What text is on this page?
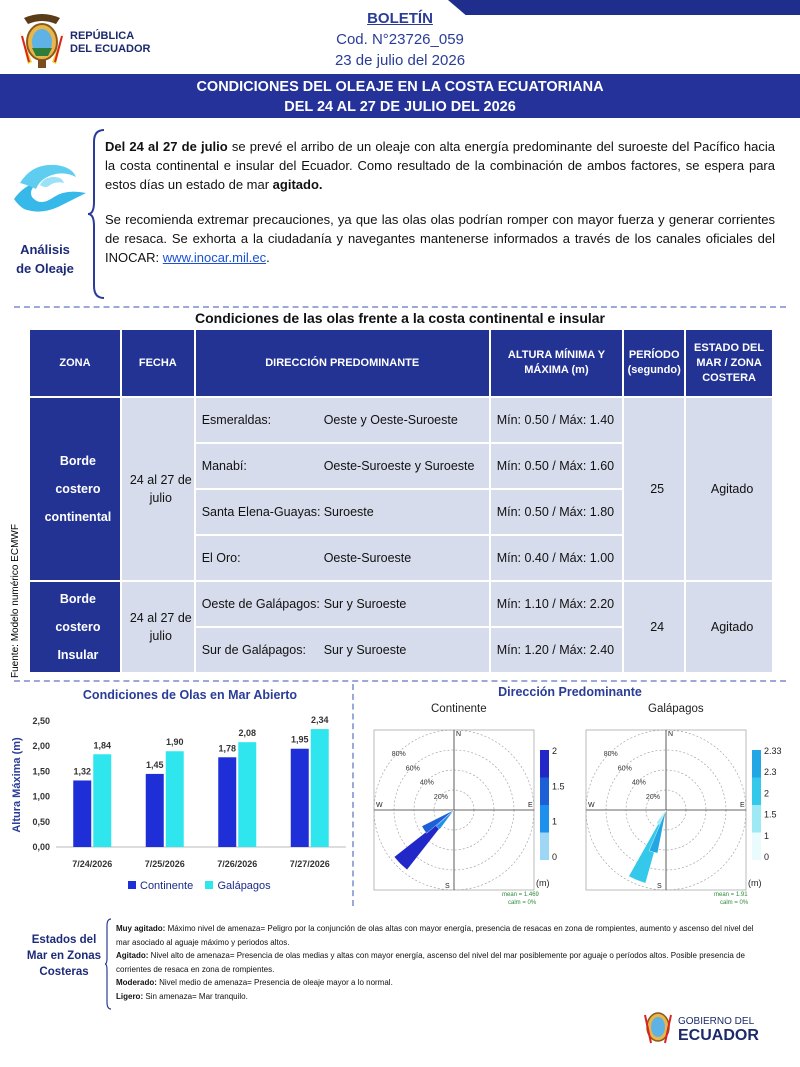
REPÚBLICA
DEL ECUADOR
BOLETÍN
Cod. N°23726_059
23 de julio del 2026
CONDICIONES DEL OLEAJE EN LA COSTA ECUATORIANA
DEL 24 AL 27 DE JULIO DEL 2026
Análisis
de Oleaje
Del 24 al 27 de julio se prevé el arribo de un oleaje con alta energía predominante del suroeste del Pacífico hacia la costa continental e insular del Ecuador. Como resultado de la combinación de ambos factores, se espera para estos días un estado de mar agitado.
Se recomienda extremar precauciones, ya que las olas olas podrían romper con mayor fuerza y generar corrientes de resaca. Se exhorta a la ciudadanía y navegantes mantenerse informados a través de los canales oficiales del INOCAR: www.inocar.mil.ec.
Condiciones de las olas frente a la costa continental e insular
ZONA	FECHA	DIRECCIÓN PREDOMINANTE	ALTURA MÍNIMA Y MÁXIMA (m)	PERÍODO (segundo)	ESTADO DEL MAR / ZONA COSTERA
Borde costero continental	24 al 27 de julio	Esmeraldas: Oeste y Oeste-Suroeste	Mín: 0.50 / Máx: 1.40	25	Agitado
		Manabí: Oeste-Suroeste y Suroeste	Mín: 0.50 / Máx: 1.60		
		Santa Elena-Guayas: Suroeste	Mín: 0.50 / Máx: 1.80		
		El Oro: Oeste-Suroeste	Mín: 0.40 / Máx: 1.00		
Borde costero Insular	24 al 27 de julio	Oeste de Galápagos: Sur y Suroeste	Mín: 1.10 / Máx: 2.20	24	Agitado
		Sur de Galápagos: Sur y Suroeste	Mín: 1.20 / Máx: 2.40		
Fuente: Modelo numérico ECMWF
Condiciones de Olas en Mar Abierto
Altura Máxima (m)
0,00
0,50
1,00
1,50
2,00
2,50
1,32
1,84
7/24/2026
1,45
1,90
7/25/2026
1,78
2,08
7/26/2026
1,95
2,34
7/27/2026
Continente Galápagos
Dirección Predominante
Continente
20%
40%
60%
80%
N
E
S
W
2
1.5
1
0
(m)
mean = 1.469
calm = 0%
Galápagos
20%
40%
60%
80%
N
E
S
W
2.33
2.3
2
1.5
1
0
(m)
mean = 1.91
calm = 0%
Estados del Mar en Zonas Costeras
Muy agitado: Máximo nivel de amenaza= Peligro por la conjunción de olas altas con mayor energía, presencia de resacas en zona de rompientes, aumento y ascenso del nivel del mar asociado al aguaje máximo y periodos altos.
Agitado: Nivel alto de amenaza= Presencia de olas medias y altas con mayor energía, ascenso del nivel del mar posiblemente por aguaje o períodos altos. Posible presencia de corrientes de resaca en zona de rompientes.
Moderado: Nivel medio de amenaza= Presencia de oleaje mayor a lo normal.
Ligero: Sin amenaza= Mar tranquilo.
GOBIERNO DEL
ECUADOR
